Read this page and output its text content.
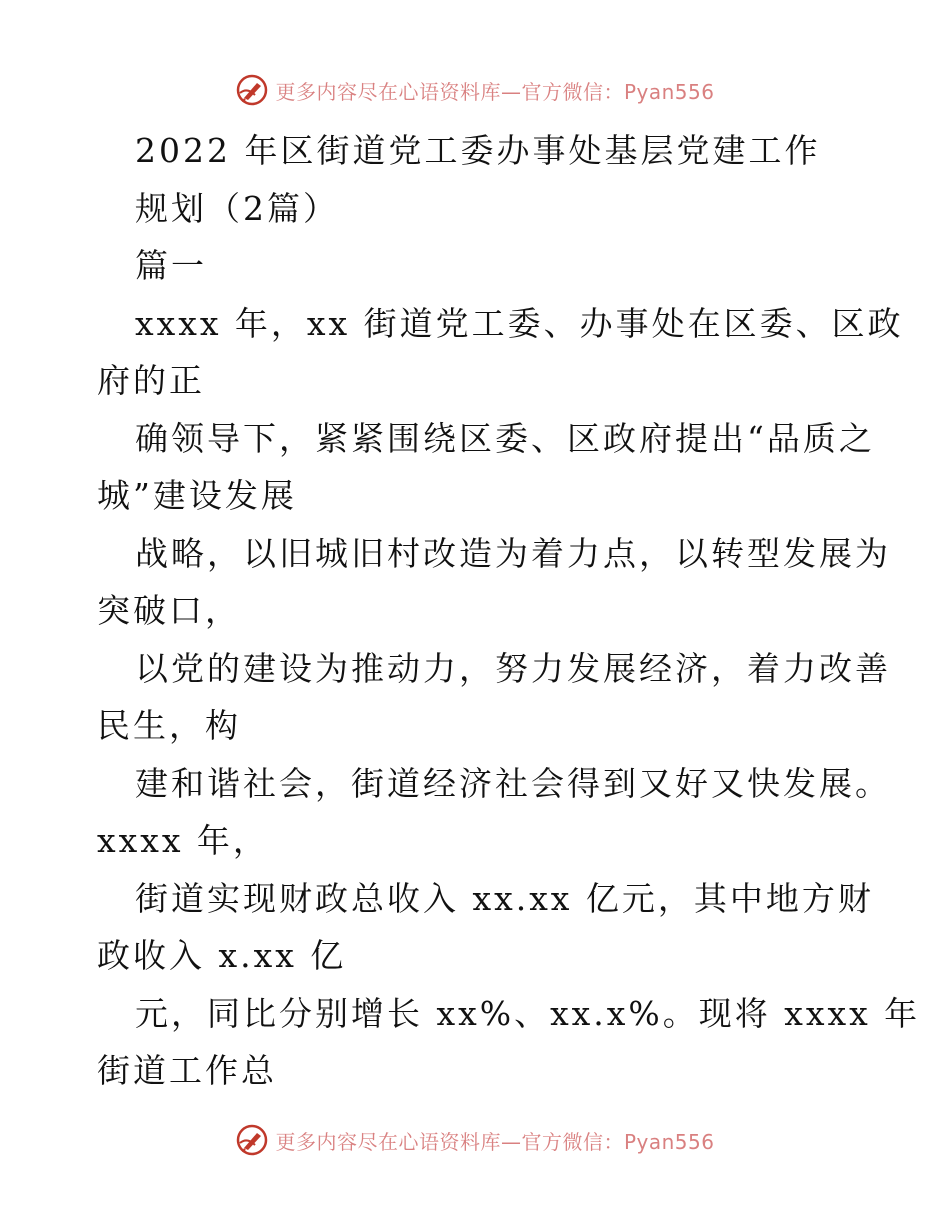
更多内容尽在心语资料库—官方微信：Pyan556
2022 年区街道党工委办事处基层党建工作
规划（2篇）
篇一
xxxx 年，xx 街道党工委、办事处在区委、区政
府的正
确领导下，紧紧围绕区委、区政府提出“品质之
城”建设发展
战略，以旧城旧村改造为着力点，以转型发展为
突破口，
以党的建设为推动力，努力发展经济，着力改善
民生，构
建和谐社会，街道经济社会得到又好又快发展。
xxxx 年，
街道实现财政总收入 xx.xx 亿元，其中地方财
政收入 x.xx 亿
元，同比分别增长 xx%、xx.x%。现将 xxxx 年
街道工作总
更多内容尽在心语资料库—官方微信：Pyan556
